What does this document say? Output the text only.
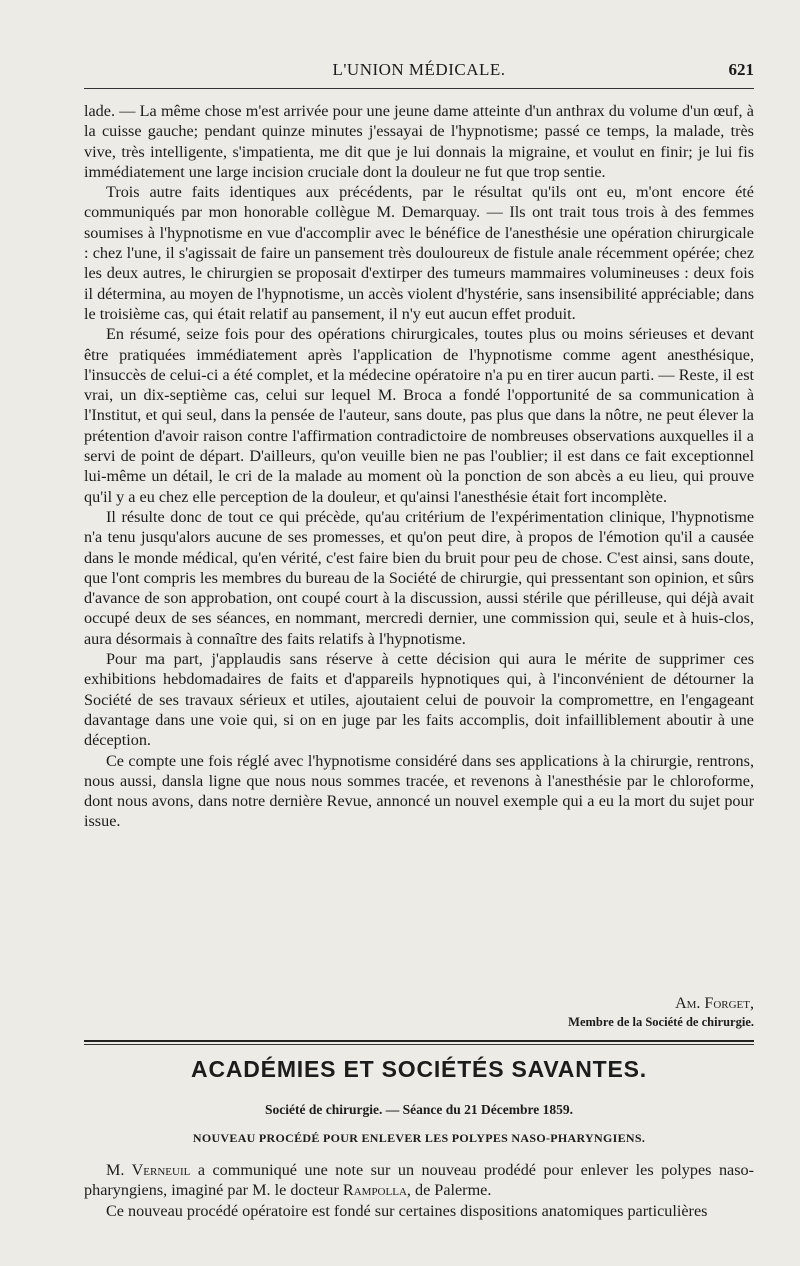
L'UNION MÉDICALE.	621

lade. — La même chose m'est arrivée pour une jeune dame atteinte d'un anthrax du volume d'un œuf, à la cuisse gauche; pendant quinze minutes j'essayai de l'hypnotisme; passé ce temps, la malade, très vive, très intelligente, s'impatienta, me dit que je lui donnais la migraine, et voulut en finir; je lui fis immédiatement une large incision cruciale dont la douleur ne fut que trop sentie.

Trois autre faits identiques aux précédents, par le résultat qu'ils ont eu, m'ont encore été communiqués par mon honorable collègue M. Demarquay. — Ils ont trait tous trois à des femmes soumises à l'hypnotisme en vue d'accomplir avec le bénéfice de l'anesthésie une opération chirurgicale : chez l'une, il s'agissait de faire un pansement très douloureux de fistule anale récemment opérée; chez les deux autres, le chirurgien se proposait d'extirper des tumeurs mammaires volumineuses : deux fois il détermina, au moyen de l'hypnotisme, un accès violent d'hystérie, sans insensibilité appréciable; dans le troisième cas, qui était relatif au pansement, il n'y eut aucun effet produit.

En résumé, seize fois pour des opérations chirurgicales, toutes plus ou moins sérieuses et devant être pratiquées immédiatement après l'application de l'hypnotisme comme agent anesthésique, l'insuccès de celui-ci a été complet, et la médecine opératoire n'a pu en tirer aucun parti. — Reste, il est vrai, un dix-septième cas, celui sur lequel M. Broca a fondé l'opportunité de sa communication à l'Institut, et qui seul, dans la pensée de l'auteur, sans doute, pas plus que dans la nôtre, ne peut élever la prétention d'avoir raison contre l'affirmation contradictoire de nombreuses observations auxquelles il a servi de point de départ. D'ailleurs, qu'on veuille bien ne pas l'oublier; il est dans ce fait exceptionnel lui-même un détail, le cri de la malade au moment où la ponction de son abcès a eu lieu, qui prouve qu'il y a eu chez elle perception de la douleur, et qu'ainsi l'anesthésie était fort incomplète.

Il résulte donc de tout ce qui précède, qu'au critérium de l'expérimentation clinique, l'hypnotisme n'a tenu jusqu'alors aucune de ses promesses, et qu'on peut dire, à propos de l'émotion qu'il a causée dans le monde médical, qu'en vérité, c'est faire bien du bruit pour peu de chose. C'est ainsi, sans doute, que l'ont compris les membres du bureau de la Société de chirurgie, qui pressentant son opinion, et sûrs d'avance de son approbation, ont coupé court à la discussion, aussi stérile que périlleuse, qui déjà avait occupé deux de ses séances, en nommant, mercredi dernier, une commission qui, seule et à huis-clos, aura désormais à connaître des faits relatifs à l'hypnotisme.

Pour ma part, j'applaudis sans réserve à cette décision qui aura le mérite de supprimer ces exhibitions hebdomadaires de faits et d'appareils hypnotiques qui, à l'inconvénient de détourner la Société de ses travaux sérieux et utiles, ajoutaient celui de pouvoir la compromettre, en l'engageant davantage dans une voie qui, si on en juge par les faits accomplis, doit infailliblement aboutir à une déception.

Ce compte une fois réglé avec l'hypnotisme considéré dans ses applications à la chirurgie, rentrons, nous aussi, dansla ligne que nous nous sommes tracée, et revenons à l'anesthésie par le chloroforme, dont nous avons, dans notre dernière Revue, annoncé un nouvel exemple qui a eu la mort du sujet pour issue.

Am. Forget,
Membre de la Société de chirurgie.
ACADÉMIES ET SOCIÉTÉS SAVANTES.
Société de chirurgie. — Séance du 21 Décembre 1859.
NOUVEAU PROCÉDÉ POUR ENLEVER LES POLYPES NASO-PHARYNGIENS.

M. Verneuil a communiqué une note sur un nouveau prodédé pour enlever les polypes naso-pharyngiens, imaginé par M. le docteur Rampolla, de Palerme.

Ce nouveau procédé opératoire est fondé sur certaines dispositions anatomiques particulières
